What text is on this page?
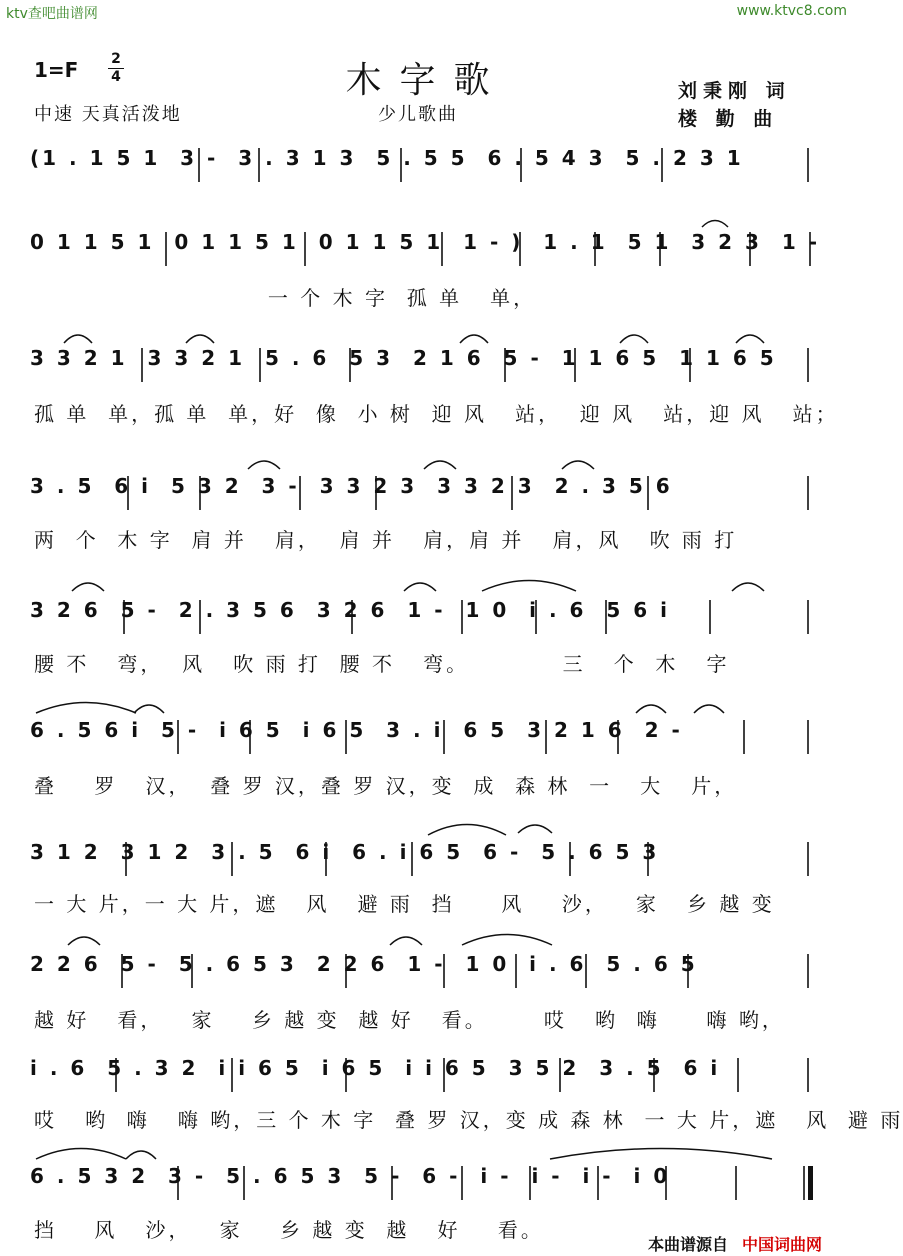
ktv查吧曲谱网	www.ktvc8.com
木字歌
1=F 2
4
中速 天真活泼地	少儿歌曲
刘秉刚 词
楼 勤 曲
(1 . 1 5 1  3 -  3 . 3 1 3  5 . 5 5  6 . 5 4 3  5 . 2 3 1
0 1 1 5 1  0 1 1 5 1  0 1 1 5 1  1 - )  1 . 1  5 1  3 2 3  1 -
一 个 木 字  孤 单   单，
3 3 2 1  3 3 2 1  5 . 6  5 3  2 1 6  5 -  1 1 6 5  1 1 6 5
孤 单  单，孤 单  单，好  像  小 树  迎 风   站，  迎 风   站，迎 风   站；
3 . 5  6 i  5 3 2  3 -  3 3 2 3  3 3 2 3  2 . 3 5 6
两  个  木 字  肩 并   肩，  肩 并   肩，肩 并   肩，风   吹 雨 打
3 2 6  5 -  2 . 3 5 6  3 2 6  1 -  1 0  i . 6  5 6 i
腰 不   弯，  风   吹 雨 打  腰 不   弯。          三   个  木   字
6 . 5 6 i  5 -  i 6 5  i 6 5  3 . i  6 5  3 2 1 6  2 -
叠    罗   汉，  叠 罗 汉，叠 罗 汉，变  成  森 林  一   大   片，
3 1 2  3 1 2  3 . 5  6 i  6 . i 6 5  6 -  5 . 6 5 3
一 大 片，一 大 片，遮   风   避 雨  挡     风    沙，   家   乡 越 变
2 2 6  5 -  5 . 6 5 3  2 2 6  1 -  1 0  i . 6  5 . 6 5
越 好   看，   家    乡 越 变  越 好   看。      哎   哟  嗨     嗨 哟，
i . 6  5 . 3 2  i i 6 5  i 6 5  i i 6 5  3 5 2  3 . 5  6 i
哎   哟  嗨   嗨 哟，三 个 木 字  叠 罗 汉，变 成 森 林  一 大 片，遮   风  避 雨
6 . 5 3 2  3 -  5 . 6 5 3  5 -  6 -  i -  i -  i -  i 0
挡    风   沙，   家    乡 越 变  越   好    看。
本曲谱源自 中国词曲网
